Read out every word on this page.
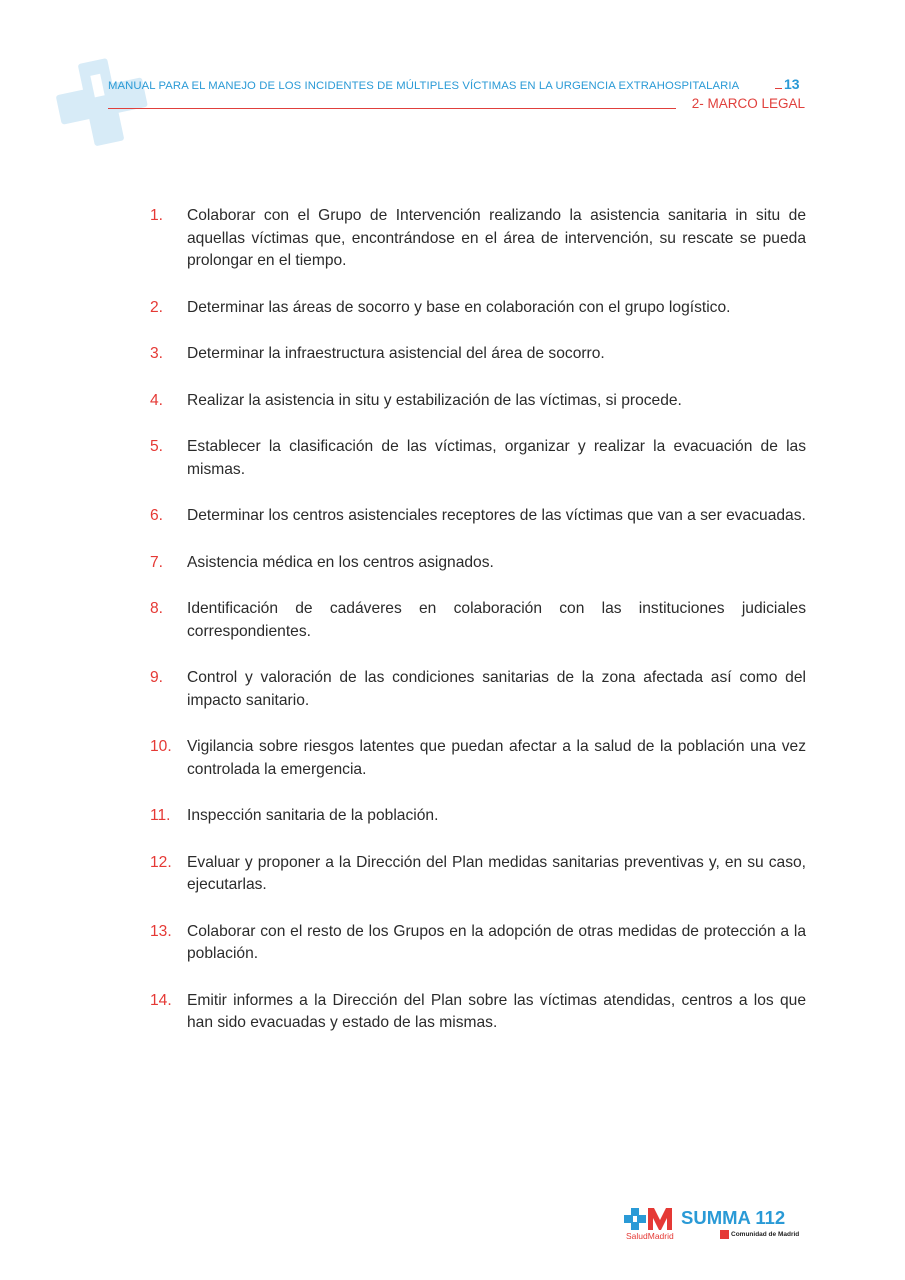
MANUAL PARA EL MANEJO DE LOS INCIDENTES DE MÚLTIPLES VÍCTIMAS EN LA URGENCIA EXTRAHOSPITALARIA	13
2- MARCO LEGAL
1.	Colaborar con el Grupo de Intervención realizando la asistencia sanitaria in situ de aquellas víctimas que, encontrándose en el área de intervención, su rescate se pueda prolongar en el tiempo.
2.	Determinar las áreas de socorro y base en colaboración con el grupo logístico.
3.	Determinar la infraestructura asistencial del área de socorro.
4.	Realizar la asistencia in situ y estabilización de las víctimas, si procede.
5.	Establecer la clasificación de las víctimas, organizar y realizar la evacuación de las mismas.
6.	Determinar los centros asistenciales receptores de las víctimas que van a ser evacuadas.
7.	Asistencia médica en los centros asignados.
8.	Identificación de cadáveres en colaboración con las instituciones judiciales correspondientes.
9.	Control y valoración de las condiciones sanitarias de la zona afectada así como del impacto sanitario.
10. Vigilancia sobre riesgos latentes que puedan afectar a la salud de la población una vez controlada la emergencia.
11.	Inspección sanitaria de la población.
12. Evaluar y proponer a la Dirección del Plan medidas sanitarias preventivas y, en su caso, ejecutarlas.
13. Colaborar con el resto de los Grupos en la adopción de otras medidas de protección a la población.
14. Emitir informes a la Dirección del Plan sobre las víctimas atendidas, centros a los que han sido evacuadas y estado de las mismas.
SaludMadrid
SUMMA 112
Comunidad de Madrid
